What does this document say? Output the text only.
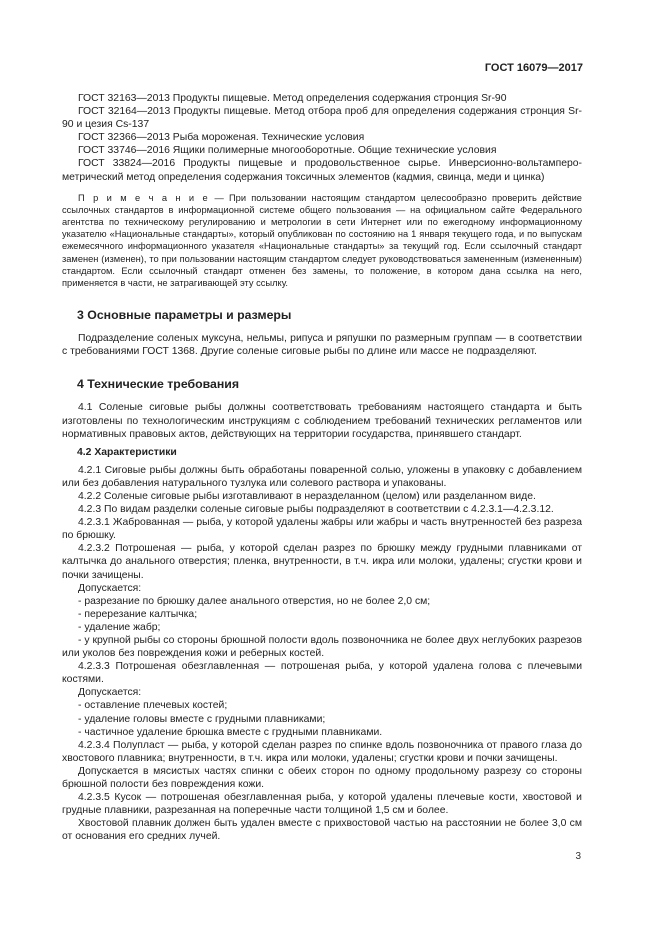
ГОСТ 16079—2017
ГОСТ 32163—2013 Продукты пищевые. Метод определения содержания стронция Sr-90
ГОСТ 32164—2013 Продукты пищевые. Метод отбора проб для определения содержания стронция Sr-90 и цезия Cs-137
ГОСТ 32366—2013 Рыба мороженая. Технические условия
ГОСТ 33746—2016 Ящики полимерные многооборотные. Общие технические условия
ГОСТ 33824—2016 Продукты пищевые и продовольственное сырье. Инверсионно-вольтамперометрический метод определения содержания токсичных элементов (кадмия, свинца, меди и цинка)
П р и м е ч а н и е — При пользовании настоящим стандартом целесообразно проверить действие ссылочных стандартов в информационной системе общего пользования — на официальном сайте Федерального агентства по техническому регулированию и метрологии в сети Интернет или по ежегодному информационному указателю «Национальные стандарты», который опубликован по состоянию на 1 января текущего года, и по выпускам ежемесячного информационного указателя «Национальные стандарты» за текущий год. Если ссылочный стандарт заменен (изменен), то при пользовании настоящим стандартом следует руководствоваться замененным (измененным) стандартом. Если ссылочный стандарт отменен без замены, то положение, в котором дана ссылка на него, применяется в части, не затрагивающей эту ссылку.
3 Основные параметры и размеры
Подразделение соленых муксуна, нельмы, рипуса и ряпушки по размерным группам — в соответствии с требованиями ГОСТ 1368. Другие соленые сиговые рыбы по длине или массе не подразделяют.
4 Технические требования
4.1 Соленые сиговые рыбы должны соответствовать требованиям настоящего стандарта и быть изготовлены по технологическим инструкциям с соблюдением требований технических регламентов или нормативных правовых актов, действующих на территории государства, принявшего стандарт.
4.2 Характеристики
4.2.1 Сиговые рыбы должны быть обработаны поваренной солью, уложены в упаковку с добавлением или без добавления натурального тузлука или солевого раствора и упакованы.
4.2.2 Соленые сиговые рыбы изготавливают в неразделанном (целом) или разделанном виде.
4.2.3 По видам разделки соленые сиговые рыбы подразделяют в соответствии с 4.2.3.1—4.2.3.12.
4.2.3.1 Жаброванная — рыба, у которой удалены жабры или жабры и часть внутренностей без разреза по брюшку.
4.2.3.2 Потрошеная — рыба, у которой сделан разрез по брюшку между грудными плавниками от калтычка до анального отверстия; пленка, внутренности, в т.ч. икра или молоки, удалены; сгустки крови и почки зачищены.
Допускается:
- разрезание по брюшку далее анального отверстия, но не более 2,0 см;
- перерезание калтычка;
- удаление жабр;
- у крупной рыбы со стороны брюшной полости вдоль позвоночника не более двух неглубоких разрезов или уколов без повреждения кожи и реберных костей.
4.2.3.3 Потрошеная обезглавленная — потрошеная рыба, у которой удалена голова с плечевыми костями.
Допускается:
- оставление плечевых костей;
- удаление головы вместе с грудными плавниками;
- частичное удаление брюшка вместе с грудными плавниками.
4.2.3.4 Полупласт — рыба, у которой сделан разрез по спинке вдоль позвоночника от правого глаза до хвостового плавника; внутренности, в т.ч. икра или молоки, удалены; сгустки крови и почки зачищены.
Допускается в мясистых частях спинки с обеих сторон по одному продольному разрезу со стороны брюшной полости без повреждения кожи.
4.2.3.5 Кусок — потрошеная обезглавленная рыба, у которой удалены плечевые кости, хвостовой и грудные плавники, разрезанная на поперечные части толщиной 1,5 см и более.
Хвостовой плавник должен быть удален вместе с прихвостовой частью на расстоянии не более 3,0 см от основания его средних лучей.
3
